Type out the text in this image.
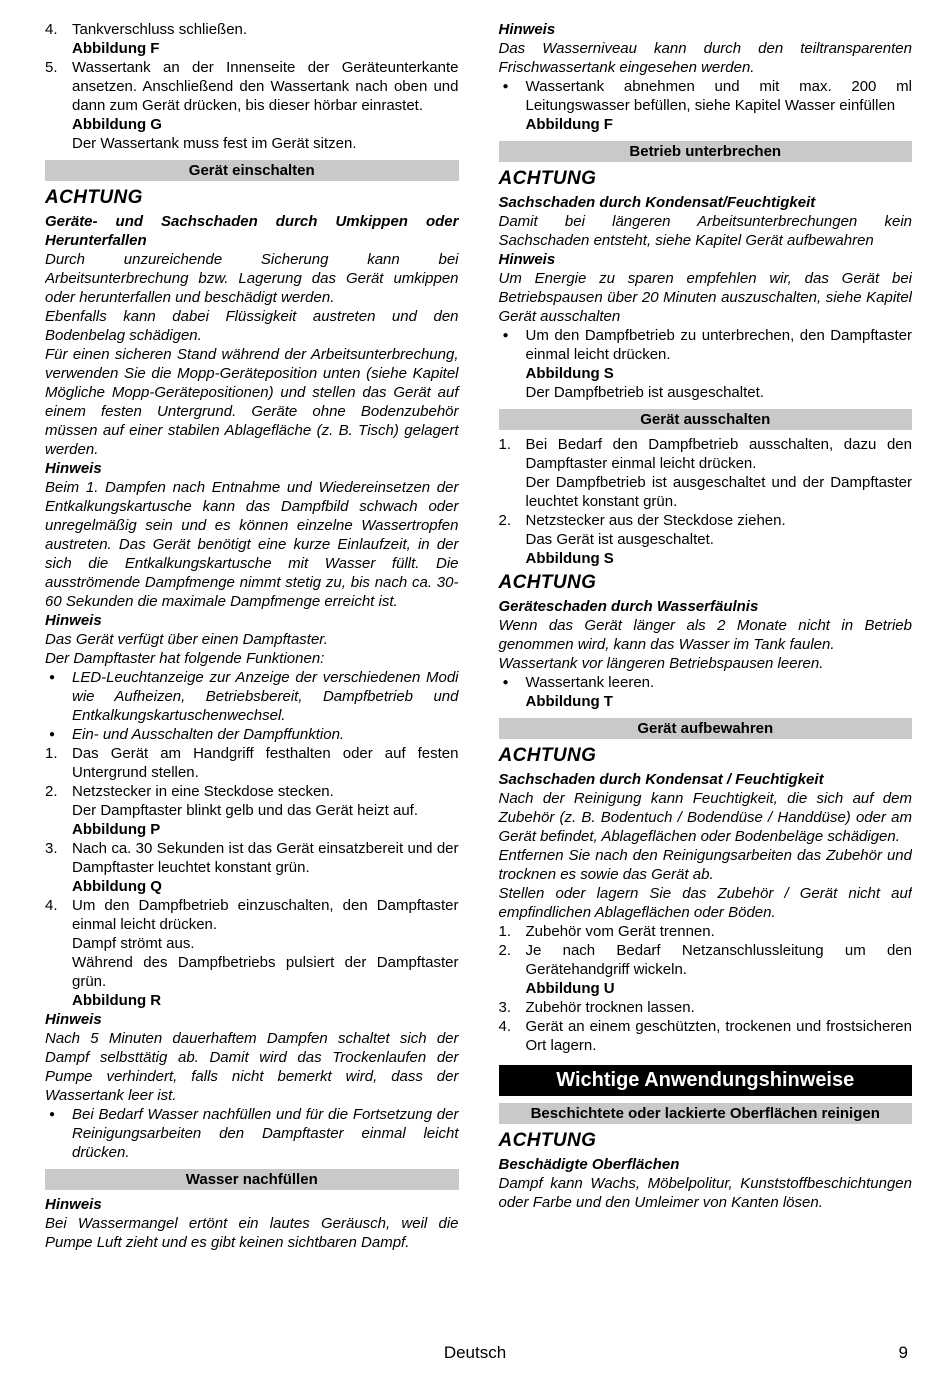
4. Tankverschluss schließen.
Abbildung F
5. Wassertank an der Innenseite der Geräteunterkante ansetzen. Anschließend den Wassertank nach oben und dann zum Gerät drücken, bis dieser hörbar einrastet.
Abbildung G
Der Wassertank muss fest im Gerät sitzen.
Gerät einschalten
ACHTUNG
Geräte- und Sachschaden durch Umkippen oder Herunterfallen
Durch unzureichende Sicherung kann bei Arbeitsunterbrechung bzw. Lagerung das Gerät umkippen oder herunterfallen und beschädigt werden.
Ebenfalls kann dabei Flüssigkeit austreten und den Bodenbelag schädigen.
Für einen sicheren Stand während der Arbeitsunterbrechung, verwenden Sie die Mopp-Geräteposition unten (siehe Kapitel Mögliche Mopp-Gerätepositionen) und stellen das Gerät auf einem festen Untergrund. Geräte ohne Bodenzubehör müssen auf einer stabilen Ablagefläche (z. B. Tisch) gelagert werden.
Hinweis
Beim 1. Dampfen nach Entnahme und Wiedereinsetzen der Entkalkungskartusche kann das Dampfbild schwach oder unregelmäßig sein und es können einzelne Wassertropfen austreten. Das Gerät benötigt eine kurze Einlaufzeit, in der sich die Entkalkungskartusche mit Wasser füllt. Die ausströmende Dampfmenge nimmt stetig zu, bis nach ca. 30-60 Sekunden die maximale Dampfmenge erreicht ist.
Hinweis
Das Gerät verfügt über einen Dampftaster.
Der Dampftaster hat folgende Funktionen:
●	LED-Leuchtanzeige zur Anzeige der verschiedenen Modi wie Aufheizen, Betriebsbereit, Dampfbetrieb und Entkalkungskartuschenwechsel.
●	Ein- und Ausschalten der Dampffunktion.
1. Das Gerät am Handgriff festhalten oder auf festen Untergrund stellen.
2. Netzstecker in eine Steckdose stecken.
Der Dampftaster blinkt gelb und das Gerät heizt auf.
Abbildung P
3. Nach ca. 30 Sekunden ist das Gerät einsatzbereit und der Dampftaster leuchtet konstant grün.
Abbildung Q
4. Um den Dampfbetrieb einzuschalten, den Dampftaster einmal leicht drücken.
Dampf strömt aus.
Während des Dampfbetriebs pulsiert der Dampftaster grün.
Abbildung R
Hinweis
Nach 5 Minuten dauerhaftem Dampfen schaltet sich der Dampf selbsttätig ab. Damit wird das Trockenlaufen der Pumpe verhindert, falls nicht bemerkt wird, dass der Wassertank leer ist.
●	Bei Bedarf Wasser nachfüllen und für die Fortsetzung der Reinigungsarbeiten den Dampftaster einmal leicht drücken.
Wasser nachfüllen
Hinweis
Bei Wassermangel ertönt ein lautes Geräusch, weil die Pumpe Luft zieht und es gibt keinen sichtbaren Dampf.
Hinweis
Das Wasserniveau kann durch den teiltransparenten Frischwassertank eingesehen werden.
●	Wassertank abnehmen und mit max. 200 ml Leitungswasser befüllen, siehe Kapitel Wasser einfüllen
Abbildung F
Betrieb unterbrechen
ACHTUNG
Sachschaden durch Kondensat/Feuchtigkeit
Damit bei längeren Arbeitsunterbrechungen kein Sachschaden entsteht, siehe Kapitel Gerät aufbewahren
Hinweis
Um Energie zu sparen empfehlen wir, das Gerät bei Betriebspausen über 20 Minuten auszuschalten, siehe Kapitel Gerät ausschalten
●	Um den Dampfbetrieb zu unterbrechen, den Dampftaster einmal leicht drücken.
Abbildung S
Der Dampfbetrieb ist ausgeschaltet.
Gerät ausschalten
1. Bei Bedarf den Dampfbetrieb ausschalten, dazu den Dampftaster einmal leicht drücken.
Der Dampfbetrieb ist ausgeschaltet und der Dampftaster leuchtet konstant grün.
2. Netzstecker aus der Steckdose ziehen.
Das Gerät ist ausgeschaltet.
Abbildung S
ACHTUNG
Geräteschaden durch Wasserfäulnis
Wenn das Gerät länger als 2 Monate nicht in Betrieb genommen wird, kann das Wasser im Tank faulen.
Wassertank vor längeren Betriebspausen leeren.
●	Wassertank leeren.
Abbildung T
Gerät aufbewahren
ACHTUNG
Sachschaden durch Kondensat / Feuchtigkeit
Nach der Reinigung kann Feuchtigkeit, die sich auf dem Zubehör (z. B. Bodentuch / Bodendüse / Handdüse) oder am Gerät befindet, Ablageflächen oder Bodenbeläge schädigen.
Entfernen Sie nach den Reinigungsarbeiten das Zubehör und trocknen es sowie das Gerät ab.
Stellen oder lagern Sie das Zubehör / Gerät nicht auf empfindlichen Ablageflächen oder Böden.
1. Zubehör vom Gerät trennen.
2. Je nach Bedarf Netzanschlussleitung um den Gerätehandgriff wickeln.
Abbildung U
3. Zubehör trocknen lassen.
4. Gerät an einem geschützten, trockenen und frostsicheren Ort lagern.
Wichtige Anwendungshinweise
Beschichtete oder lackierte Oberflächen reinigen
ACHTUNG
Beschädigte Oberflächen
Dampf kann Wachs, Möbelpolitur, Kunststoffbeschichtungen oder Farbe und den Umleimer von Kanten lösen.
Deutsch	9
